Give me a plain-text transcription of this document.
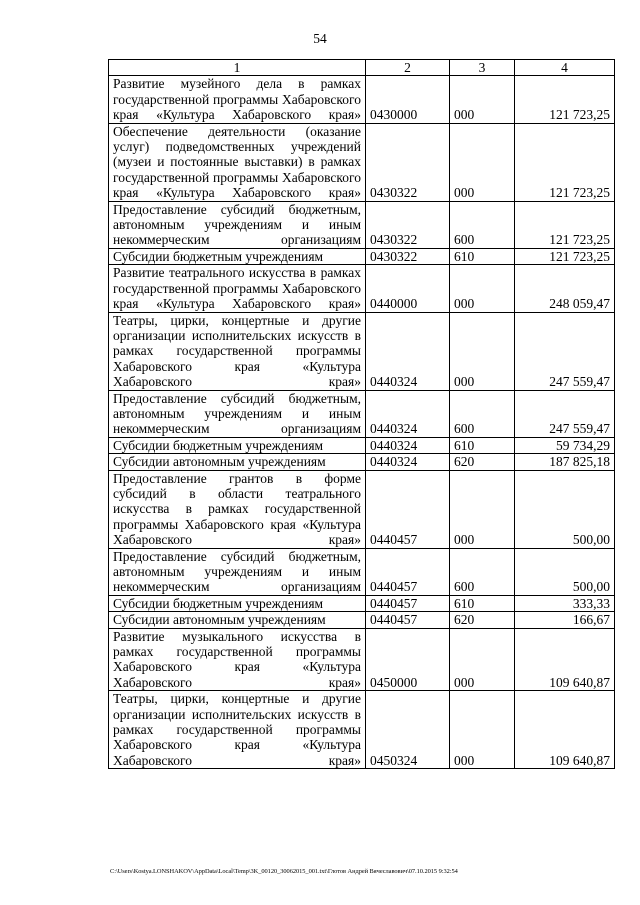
54
1	2	3	4
Развитие музейного дела в рамках государственной программы Хабаровского края «Культура Хабаровского края»	0430000	000	121 723,25
Обеспечение деятельности (оказание услуг) подведомственных учреждений (музеи и постоянные выставки) в рамках государственной программы Хабаровского края «Культура Хабаровского края»	0430322	000	121 723,25
Предоставление субсидий бюджетным, автономным учреждениям и иным некоммерческим организациям	0430322	600	121 723,25
Субсидии бюджетным учреждениям	0430322	610	121 723,25
Развитие театрального искусства в рамках государственной программы Хабаровского края «Культура Хабаровского края»	0440000	000	248 059,47
Театры, цирки, концертные и другие организации исполнительских искусств в рамках государственной программы Хабаровского края «Культура Хабаровского края»	0440324	000	247 559,47
Предоставление субсидий бюджетным, автономным учреждениям и иным некоммерческим организациям	0440324	600	247 559,47
Субсидии бюджетным учреждениям	0440324	610	59 734,29
Субсидии автономным учреждениям	0440324	620	187 825,18
Предоставление грантов в форме субсидий в области театрального искусства в рамках государственной программы Хабаровского края «Культура Хабаровского края»	0440457	000	500,00
Предоставление субсидий бюджетным, автономным учреждениям и иным некоммерческим организациям	0440457	600	500,00
Субсидии бюджетным учреждениям	0440457	610	333,33
Субсидии автономным учреждениям	0440457	620	166,67
Развитие музыкального искусства в рамках государственной программы Хабаровского края «Культура Хабаровского края»	0450000	000	109 640,87
Театры, цирки, концертные и другие организации исполнительских искусств в рамках государственной программы Хабаровского края «Культура Хабаровского края»	0450324	000	109 640,87
C:\Users\Kostya.LONSHAKOV\AppData\Local\Temp\3K_00120_30062015_001.txt\Глотов Андрей Вячеславович\07.10.2015 9:32:54
